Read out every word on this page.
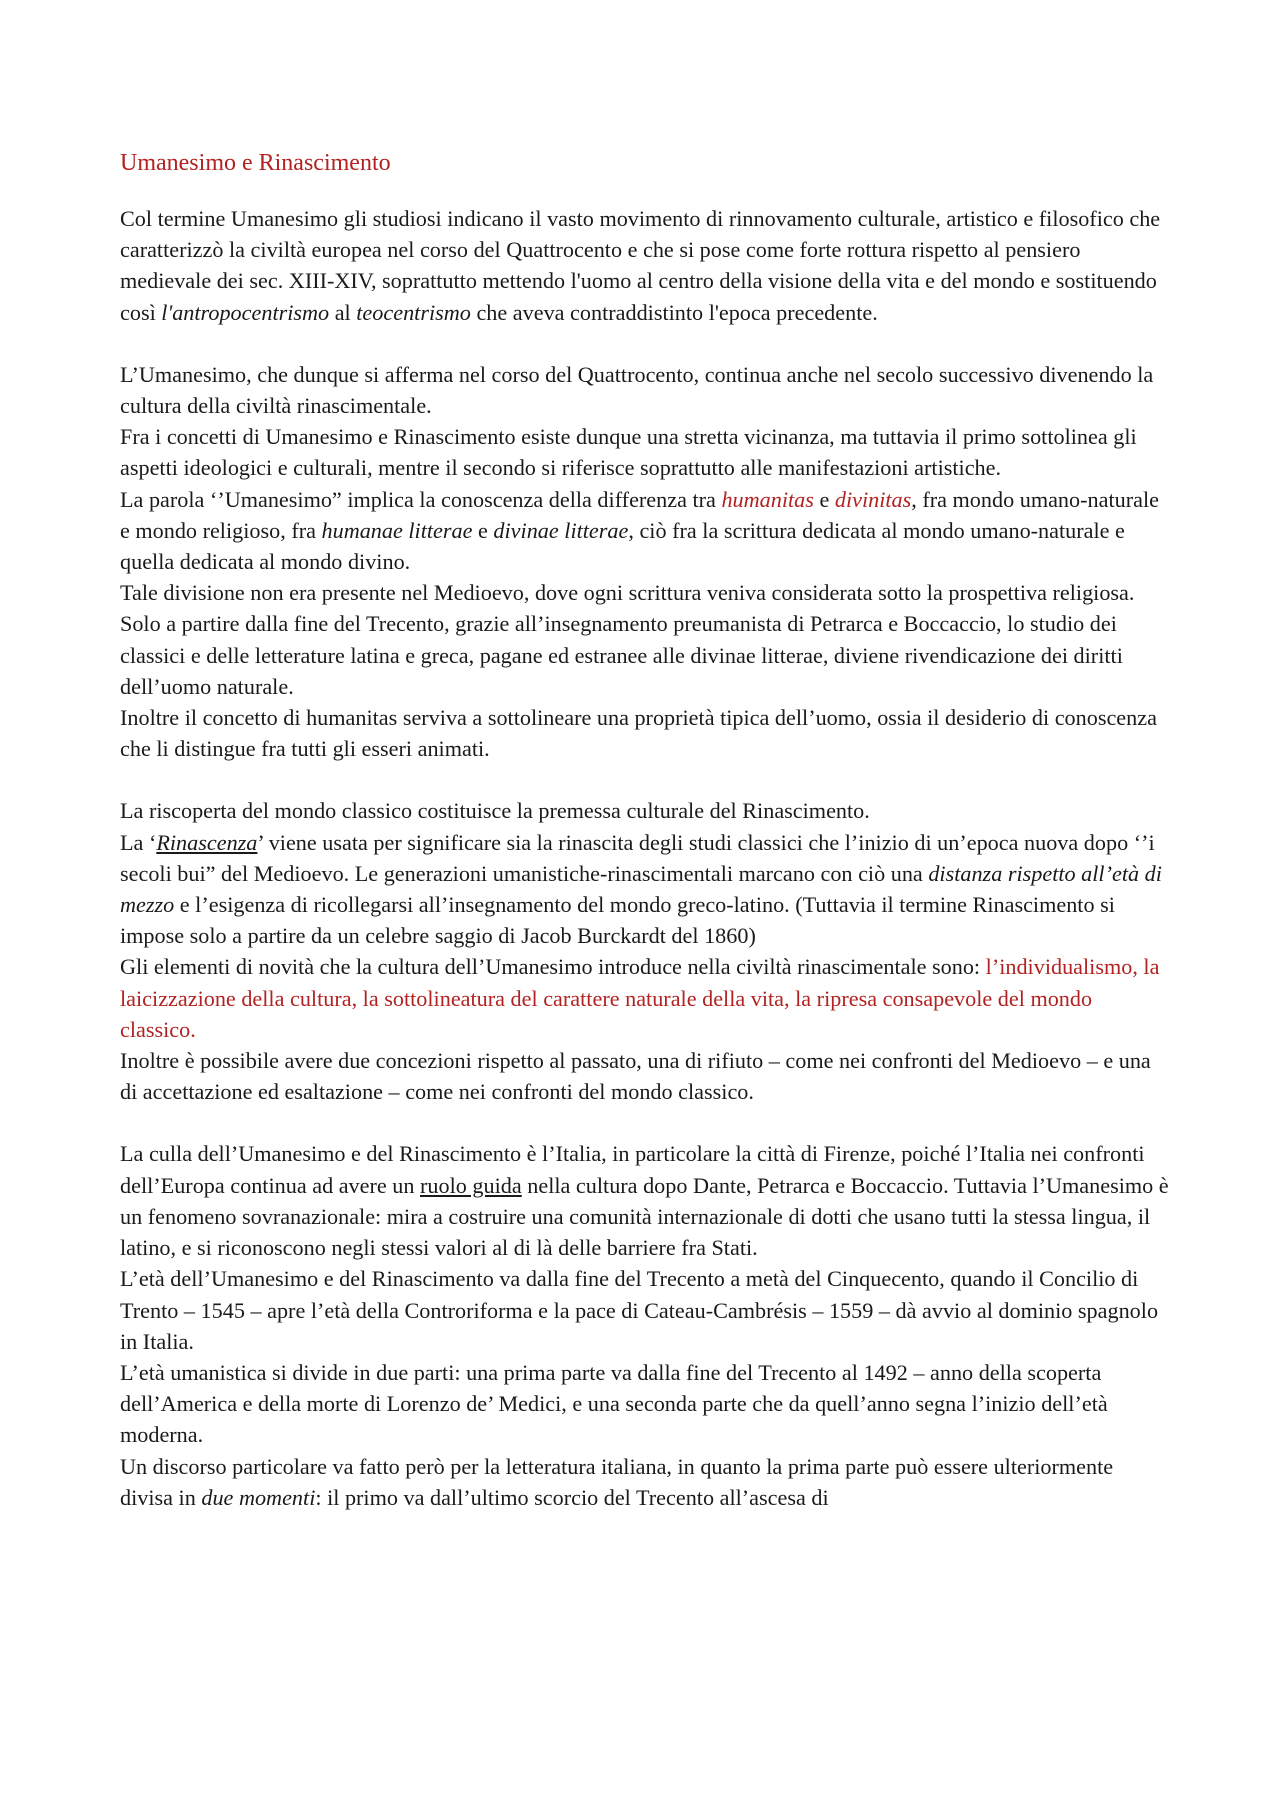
Umanesimo e Rinascimento

Col termine Umanesimo gli studiosi indicano il vasto movimento di rinnovamento culturale, artistico e filosofico che caratterizzò la civiltà europea nel corso del Quattrocento e che si pose come forte rottura rispetto al pensiero medievale dei sec. XIII-XIV, soprattutto mettendo l'uomo al centro della visione della vita e del mondo e sostituendo così l'antropocentrismo al teocentrismo che aveva contraddistinto l'epoca precedente.

L’Umanesimo, che dunque si afferma nel corso del Quattrocento, continua anche nel secolo successivo divenendo la cultura della civiltà rinascimentale.

Fra i concetti di Umanesimo e Rinascimento esiste dunque una stretta vicinanza, ma tuttavia il primo sottolinea gli aspetti ideologici e culturali, mentre il secondo si riferisce soprattutto alle manifestazioni artistiche.

La parola ‘’Umanesimo” implica la conoscenza della differenza tra humanitas e divinitas, fra mondo umano-naturale e mondo religioso, fra humanae litterae e divinae litterae, ciò fra la scrittura dedicata al mondo umano-naturale e quella dedicata al mondo divino.

Tale divisione non era presente nel Medioevo, dove ogni scrittura veniva considerata sotto la prospettiva religiosa.

Solo a partire dalla fine del Trecento, grazie all’insegnamento preumanista di Petrarca e Boccaccio, lo studio dei classici e delle letterature latina e greca, pagane ed estranee alle divinae litterae, diviene rivendicazione dei diritti dell’uomo naturale.

Inoltre il concetto di humanitas serviva a sottolineare una proprietà tipica dell’uomo, ossia il desiderio di conoscenza che li distingue fra tutti gli esseri animati.

La riscoperta del mondo classico costituisce la premessa culturale del Rinascimento.

La ‘Rinascenza’ viene usata per significare sia la rinascita degli studi classici che l’inizio di un’epoca nuova dopo ‘’i secoli bui” del Medioevo. Le generazioni umanistiche-rinascimentali marcano con ciò una distanza rispetto all’età di mezzo e l’esigenza di ricollegarsi all’insegnamento del mondo greco-latino. (Tuttavia il termine Rinascimento si impose solo a partire da un celebre saggio di Jacob Burckardt del 1860)

Gli elementi di novità che la cultura dell’Umanesimo introduce nella civiltà rinascimentale sono: l’individualismo, la laicizzazione della cultura, la sottolineatura del carattere naturale della vita, la ripresa consapevole del mondo classico.

Inoltre è possibile avere due concezioni rispetto al passato, una di rifiuto – come nei confronti del Medioevo – e una di accettazione ed esaltazione – come nei confronti del mondo classico.

La culla dell’Umanesimo e del Rinascimento è l’Italia, in particolare la città di Firenze, poiché l’Italia nei confronti dell’Europa continua ad avere un ruolo guida nella cultura dopo Dante, Petrarca e Boccaccio. Tuttavia l’Umanesimo è un fenomeno sovranazionale: mira a costruire una comunità internazionale di dotti che usano tutti la stessa lingua, il latino, e si riconoscono negli stessi valori al di là delle barriere fra Stati.

L’età dell’Umanesimo e del Rinascimento va dalla fine del Trecento a metà del Cinquecento, quando il Concilio di Trento – 1545 – apre l’età della Controriforma e la pace di Cateau-Cambrésis – 1559 – dà avvio al dominio spagnolo in Italia.

L’età umanistica si divide in due parti: una prima parte va dalla fine del Trecento al 1492 – anno della scoperta dell’America e della morte di Lorenzo de’ Medici, e una seconda parte che da quell’anno segna l’inizio dell’età moderna.

Un discorso particolare va fatto però per la letteratura italiana, in quanto la prima parte può essere ulteriormente divisa in due momenti: il primo va dall’ultimo scorcio del Trecento all’ascesa di
